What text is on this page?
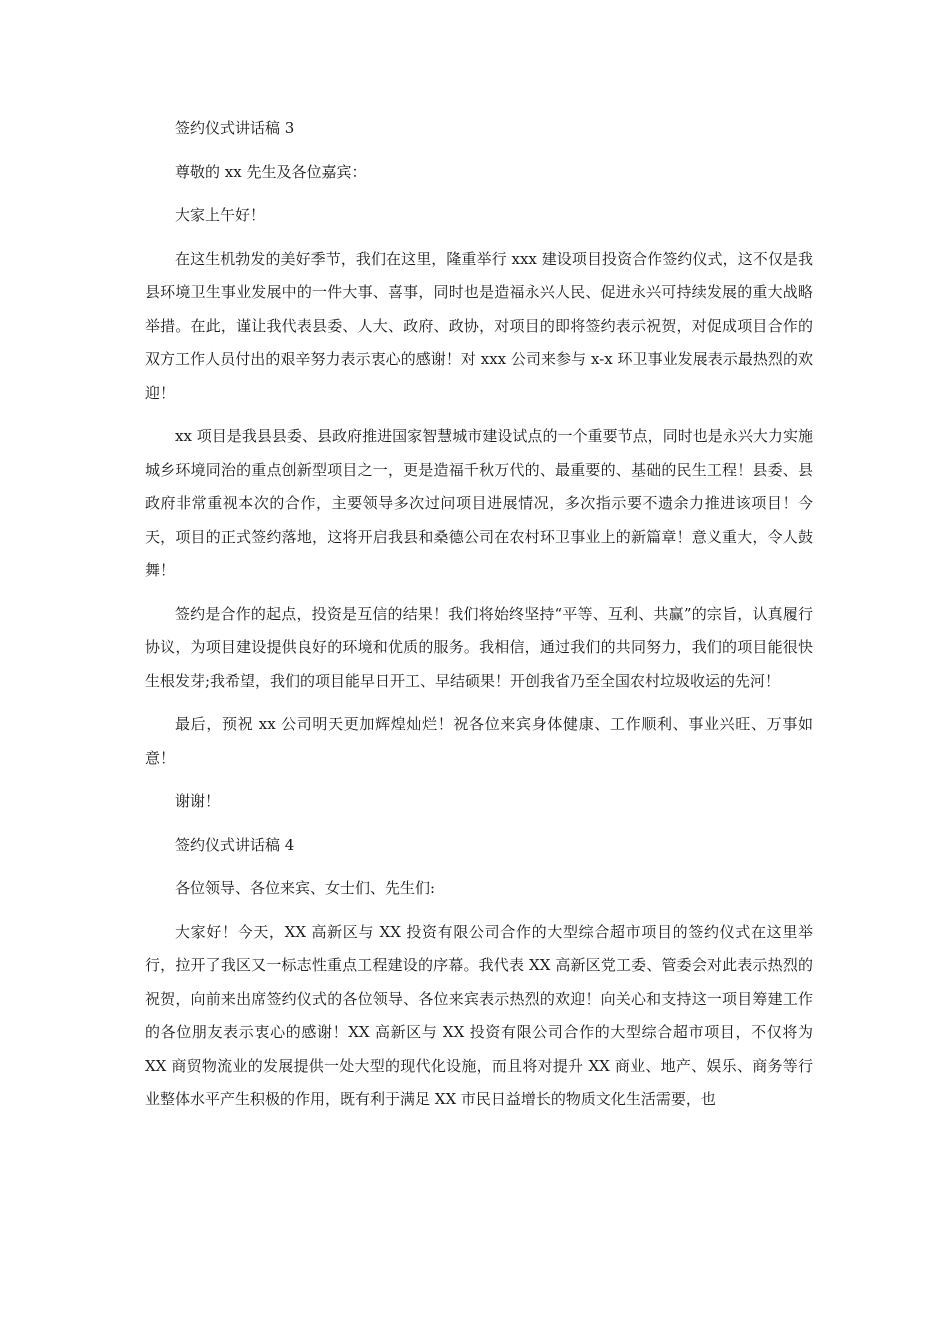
签约仪式讲话稿 3

尊敬的 xx 先生及各位嘉宾：

大家上午好！

在这生机勃发的美好季节，我们在这里，隆重举行 xxx 建设项目投资合作签约仪式，这不仅是我县环境卫生事业发展中的一件大事、喜事，同时也是造福永兴人民、促进永兴可持续发展的重大战略举措。在此，谨让我代表县委、人大、政府、政协，对项目的即将签约表示祝贺，对促成项目合作的双方工作人员付出的艰辛努力表示衷心的感谢！对 xxx 公司来参与 x-x 环卫事业发展表示最热烈的欢迎！

xx 项目是我县县委、县政府推进国家智慧城市建设试点的一个重要节点，同时也是永兴大力实施城乡环境同治的重点创新型项目之一，更是造福千秋万代的、最重要的、基础的民生工程！县委、县政府非常重视本次的合作，主要领导多次过问项目进展情况，多次指示要不遗余力推进该项目！今天，项目的正式签约落地，这将开启我县和桑德公司在农村环卫事业上的新篇章！意义重大，令人鼓舞！

签约是合作的起点，投资是互信的结果！我们将始终坚持“平等、互利、共赢”的宗旨，认真履行协议，为项目建设提供良好的环境和优质的服务。我相信，通过我们的共同努力，我们的项目能很快生根发芽;我希望，我们的项目能早日开工、早结硕果！开创我省乃至全国农村垃圾收运的先河！

最后，预祝 xx 公司明天更加辉煌灿烂！祝各位来宾身体健康、工作顺利、事业兴旺、万事如意！

谢谢！

签约仪式讲话稿 4

各位领导、各位来宾、女士们、先生们:

大家好！今天，XX 高新区与 XX 投资有限公司合作的大型综合超市项目的签约仪式在这里举行，拉开了我区又一标志性重点工程建设的序幕。我代表 XX 高新区党工委、管委会对此表示热烈的祝贺，向前来出席签约仪式的各位领导、各位来宾表示热烈的欢迎！向关心和支持这一项目筹建工作的各位朋友表示衷心的感谢！XX 高新区与 XX 投资有限公司合作的大型综合超市项目，不仅将为 XX 商贸物流业的发展提供一处大型的现代化设施，而且将对提升 XX 商业、地产、娱乐、商务等行业整体水平产生积极的作用，既有利于满足 XX 市民日益增长的物质文化生活需要，也
